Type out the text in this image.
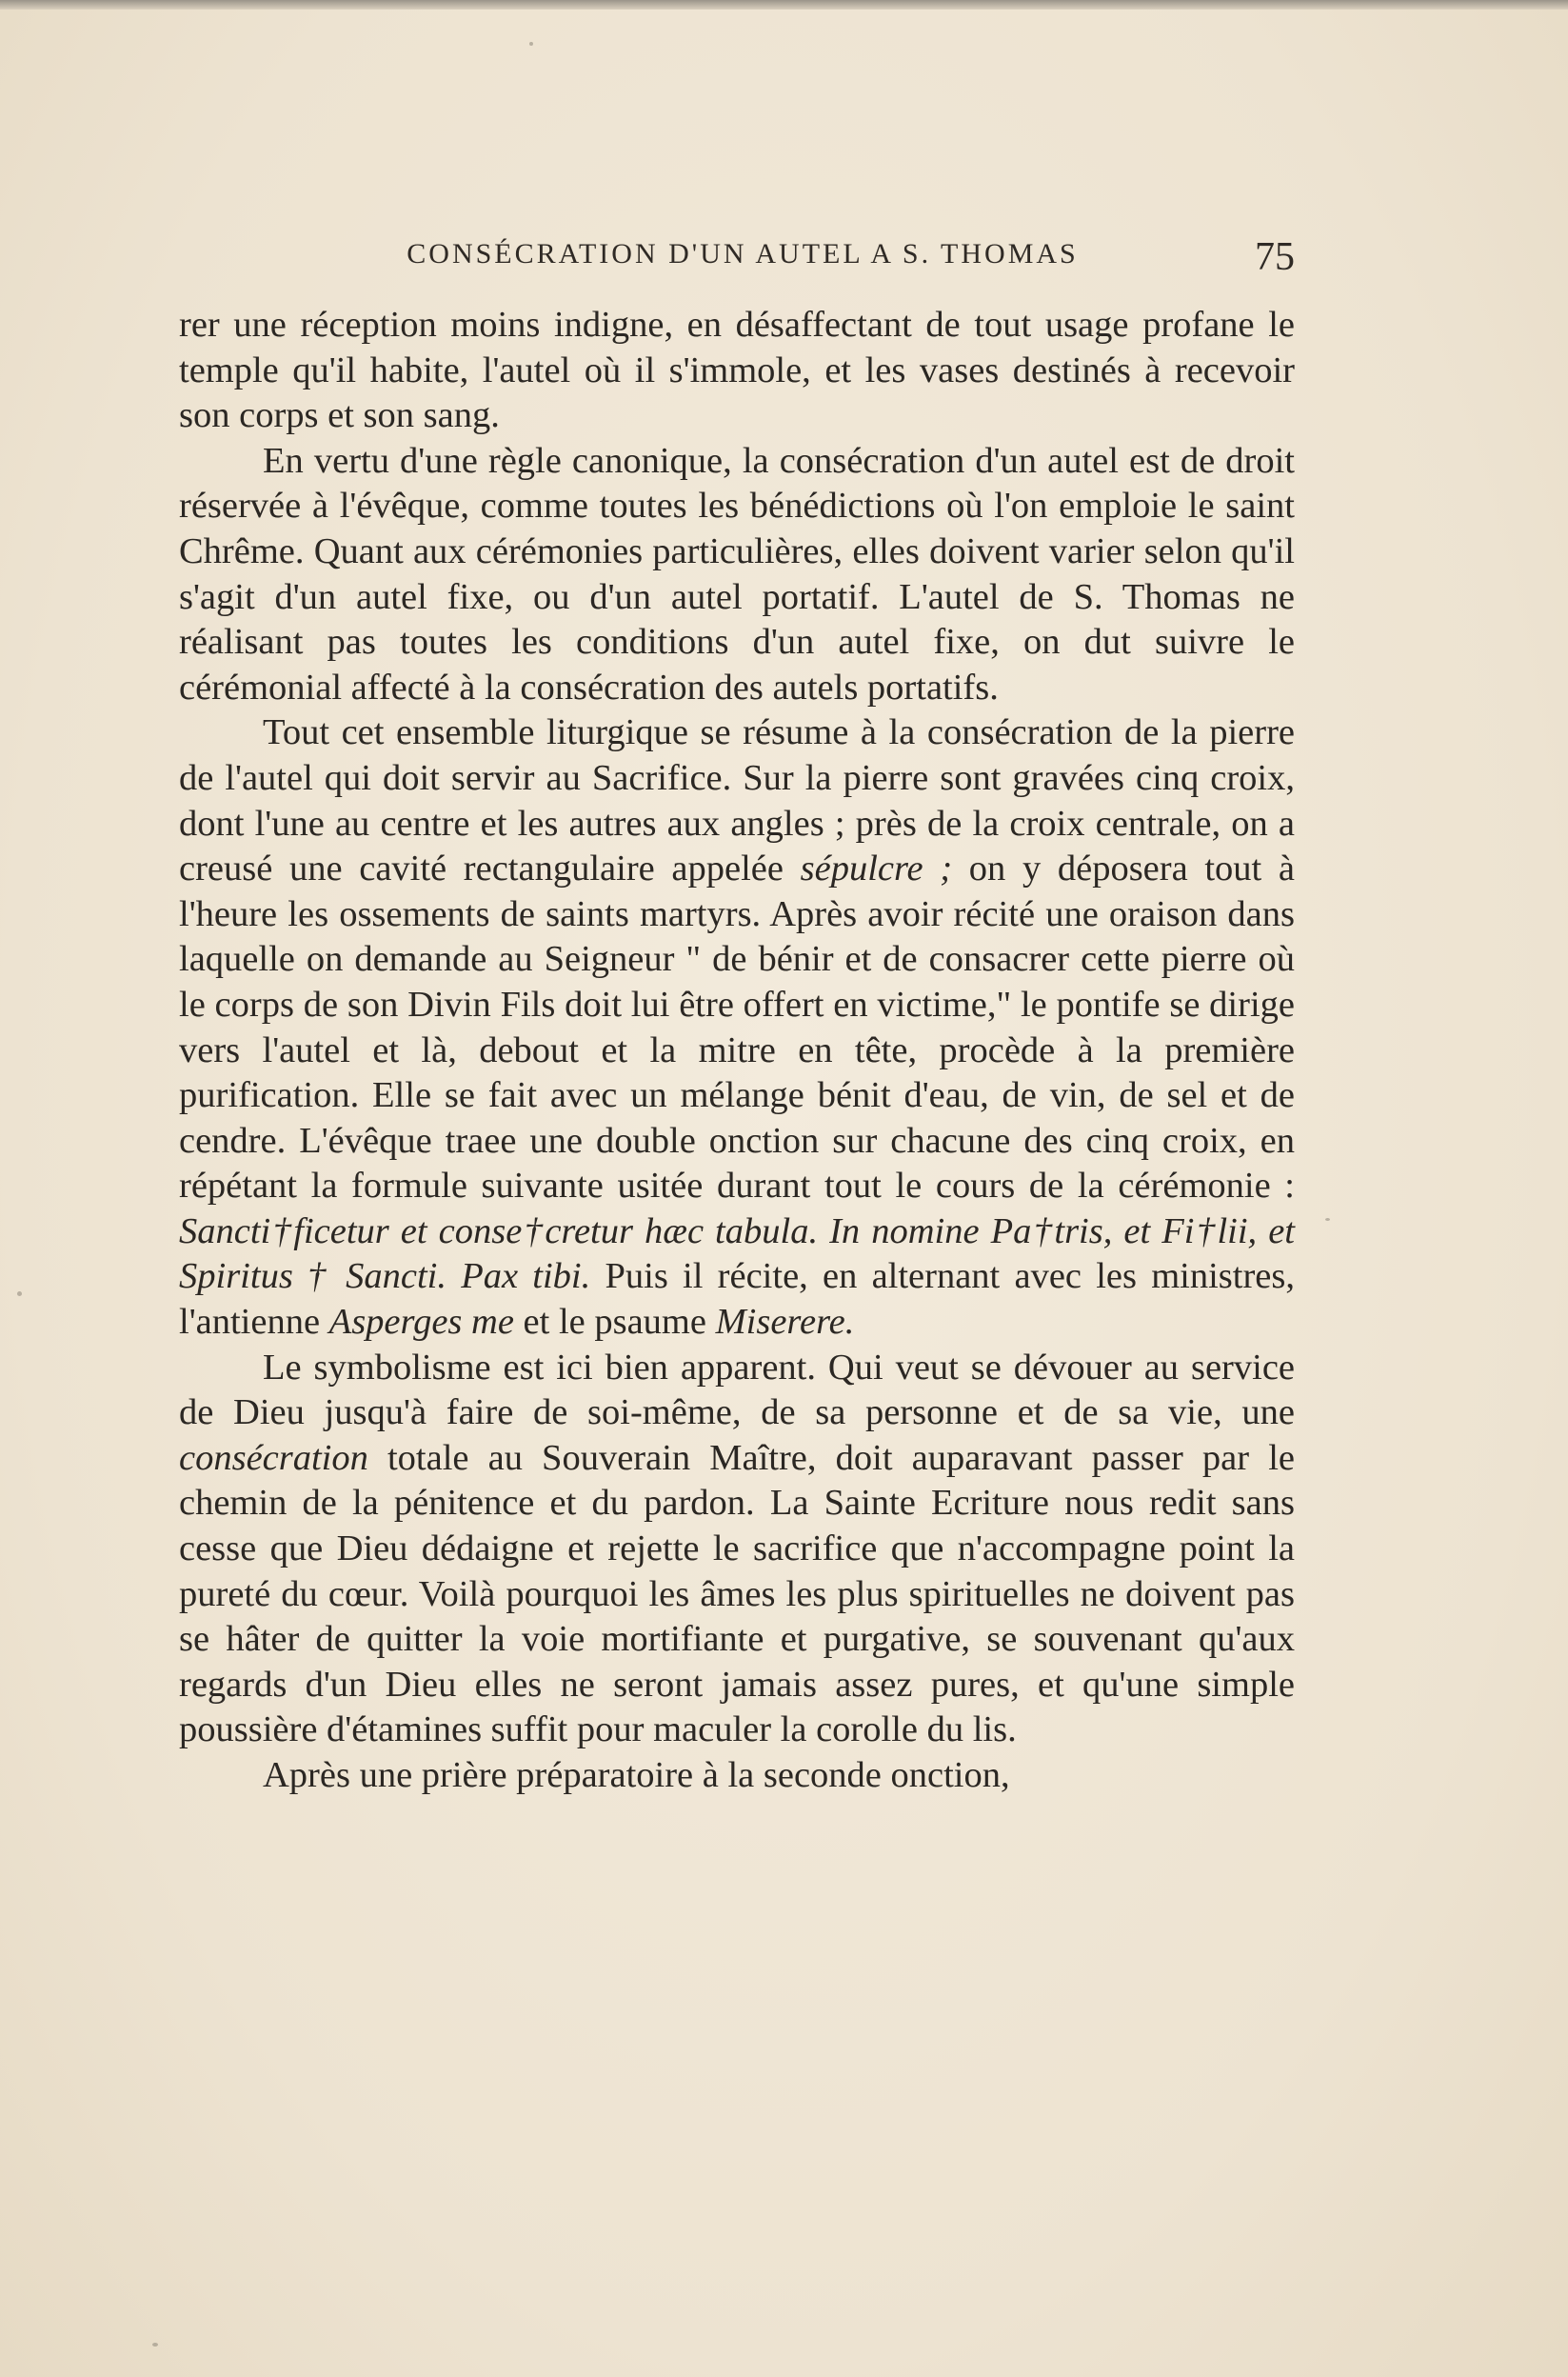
CONSÉCRATION D'UN AUTEL A S. THOMAS	75

rer une réception moins indigne, en désaffectant de tout usage profane le temple qu'il habite, l'autel où il s'immole, et les vases destinés à recevoir son corps et son sang.

En vertu d'une règle canonique, la consécration d'un autel est de droit réservée à l'évêque, comme toutes les bénédictions où l'on emploie le saint Chrême. Quant aux cérémonies particulières, elles doivent varier selon qu'il s'agit d'un autel fixe, ou d'un autel portatif. L'autel de S. Thomas ne réalisant pas toutes les conditions d'un autel fixe, on dut suivre le cérémonial affecté à la consécration des autels portatifs.

Tout cet ensemble liturgique se résume à la consécration de la pierre de l'autel qui doit servir au Sacrifice. Sur la pierre sont gravées cinq croix, dont l'une au centre et les autres aux angles ; près de la croix centrale, on a creusé une cavité rectangulaire appelée sépulcre ; on y déposera tout à l'heure les ossements de saints martyrs. Après avoir récité une oraison dans laquelle on demande au Seigneur " de bénir et de consacrer cette pierre où le corps de son Divin Fils doit lui être offert en victime," le pontife se dirige vers l'autel et là, debout et la mitre en tête, procède à la première purification. Elle se fait avec un mélange bénit d'eau, de vin, de sel et de cendre. L'évêque traee une double onction sur chacune des cinq croix, en répétant la formule suivante usitée durant tout le cours de la cérémonie : Sancti†ficetur et conse†cretur hæc tabula. In nomine Pa†tris, et Fi†lii, et Spiritus † Sancti. Pax tibi. Puis il récite, en alternant avec les ministres, l'antienne Asperges me et le psaume Miserere.

Le symbolisme est ici bien apparent. Qui veut se dévouer au service de Dieu jusqu'à faire de soi-même, de sa personne et de sa vie, une consécration totale au Souverain Maître, doit auparavant passer par le chemin de la pénitence et du pardon. La Sainte Ecriture nous redit sans cesse que Dieu dédaigne et rejette le sacrifice que n'accompagne point la pureté du cœur. Voilà pourquoi les âmes les plus spirituelles ne doivent pas se hâter de quitter la voie mortifiante et purgative, se souvenant qu'aux regards d'un Dieu elles ne seront jamais assez pures, et qu'une simple poussière d'étamines suffit pour maculer la corolle du lis.

Après une prière préparatoire à la seconde onction,
